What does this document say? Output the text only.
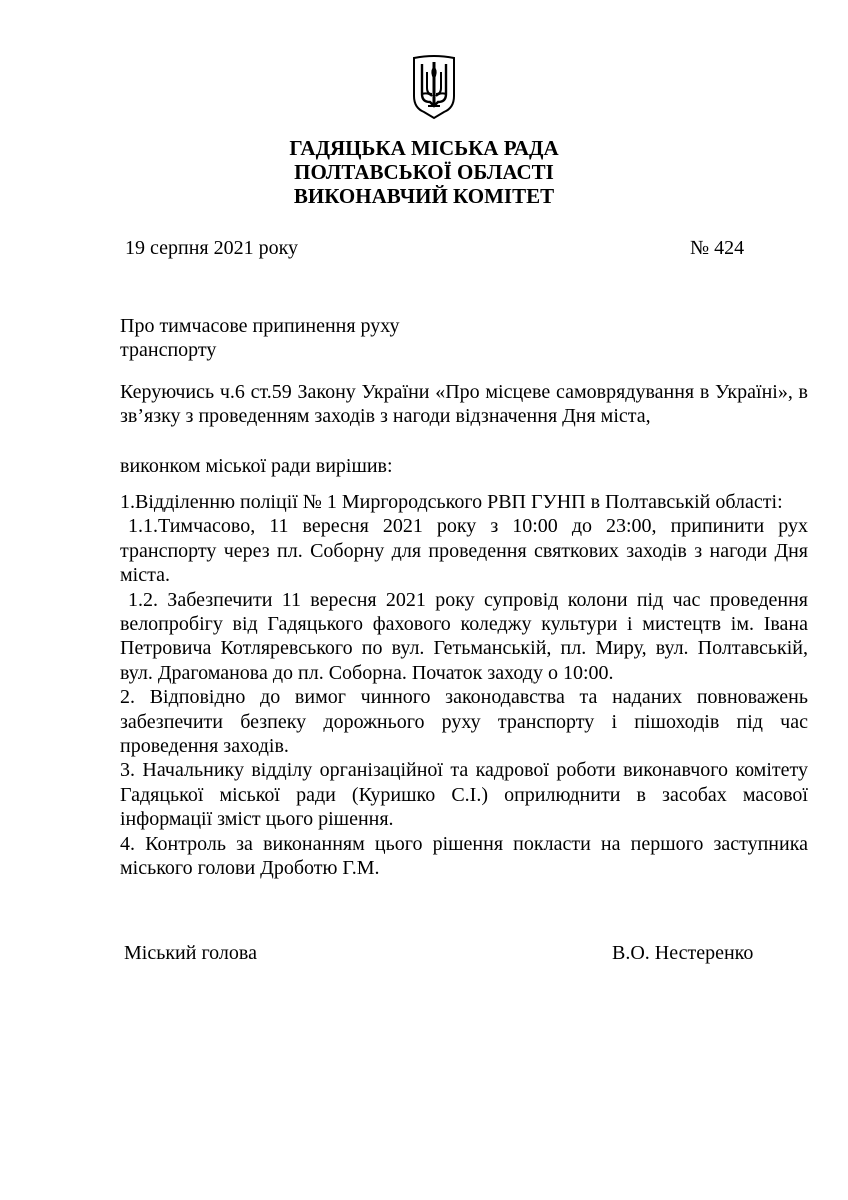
ГАДЯЦЬКА МІСЬКА РАДА
ПОЛТАВСЬКОЇ ОБЛАСТІ
ВИКОНАВЧИЙ КОМІТЕТ
19 серпня 2021 року	№ 424
Про тимчасове припинення руху
транспорту

Керуючись ч.6 ст.59 Закону України «Про місцеве самоврядування в Україні», в зв’язку з проведенням заходів з нагоди відзначення Дня міста,

виконком міської ради вирішив:

1.Відділенню поліції № 1 Миргородського РВП ГУНП в Полтавській області:

1.1.Тимчасово, 11 вересня 2021 року з 10:00 до 23:00, припинити рух транспорту через пл. Соборну для проведення святкових заходів з нагоди Дня міста.

1.2. Забезпечити 11 вересня 2021 року супровід колони під час проведення велопробігу від Гадяцького фахового коледжу культури і мистецтв ім. Івана Петровича Котляревського по вул. Гетьманській, пл. Миру, вул. Полтавській, вул. Драгоманова до пл. Соборна. Початок заходу о 10:00.

2. Відповідно до вимог чинного законодавства та наданих повноважень забезпечити безпеку дорожнього руху транспорту і пішоходів під час проведення заходів.

3. Начальнику відділу організаційної та кадрової роботи виконавчого комітету Гадяцької міської ради (Куришко С.І.) оприлюднити в засобах масової інформації зміст цього рішення.

4. Контроль за виконанням цього рішення покласти на першого заступника міського голови Дроботю Г.М.

Міський голова	В.О. Нестеренко
